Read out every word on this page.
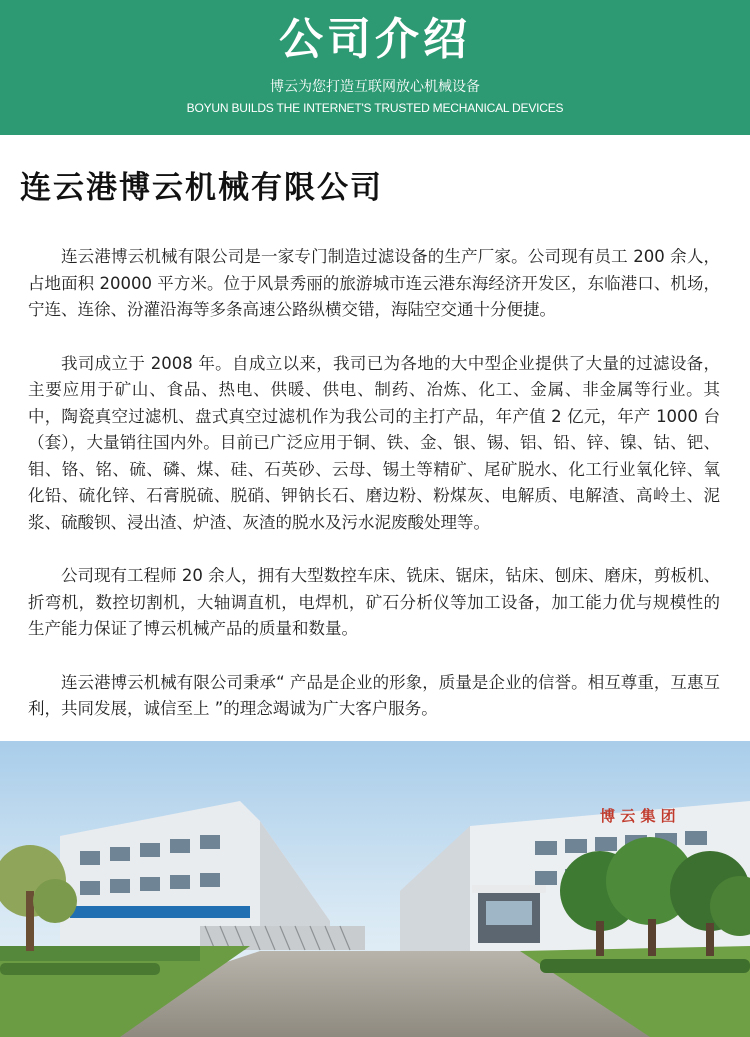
公司介绍
博云为您打造互联网放心机械设备
BOYUN BUILDS THE INTERNET'S TRUSTED MECHANICAL DEVICES
连云港博云机械有限公司

连云港博云机械有限公司是一家专门制造过滤设备的生产厂家。公司现有员工 200 余人，占地面积 20000 平方米。位于风景秀丽的旅游城市连云港东海经济开发区，东临港口、机场，宁连、连徐、汾灌沿海等多条高速公路纵横交错，海陆空交通十分便捷。

我司成立于 2008 年。自成立以来，我司已为各地的大中型企业提供了大量的过滤设备，主要应用于矿山、食品、热电、供暖、供电、制药、冶炼、化工、金属、非金属等行业。其中，陶瓷真空过滤机、盘式真空过滤机作为我公司的主打产品，年产值 2 亿元，年产 1000 台（套），大量销往国内外。目前已广泛应用于铜、铁、金、银、锡、铝、铅、锌、镍、钴、钯、钼、铬、铭、硫、磷、煤、硅、石英砂、云母、锡土等精矿、尾矿脱水、化工行业氧化锌、氧化铅、硫化锌、石膏脱硫、脱硝、钾钠长石、磨边粉、粉煤灰、电解质、电解渣、高岭土、泥浆、硫酸钡、浸出渣、炉渣、灰渣的脱水及污水泥废酸处理等。

公司现有工程师 20 余人，拥有大型数控车床、铣床、锯床，钻床、刨床、磨床，剪板机、折弯机，数控切割机，大轴调直机，电焊机，矿石分析仪等加工设备，加工能力优与规模性的生产能力保证了博云机械产品的质量和数量。

连云港博云机械有限公司秉承“ 产品是企业的形象，质量是企业的信誉。相互尊重，互惠互利，共同发展，诚信至上 ”的理念竭诚为广大客户服务。

博 云 集 团
